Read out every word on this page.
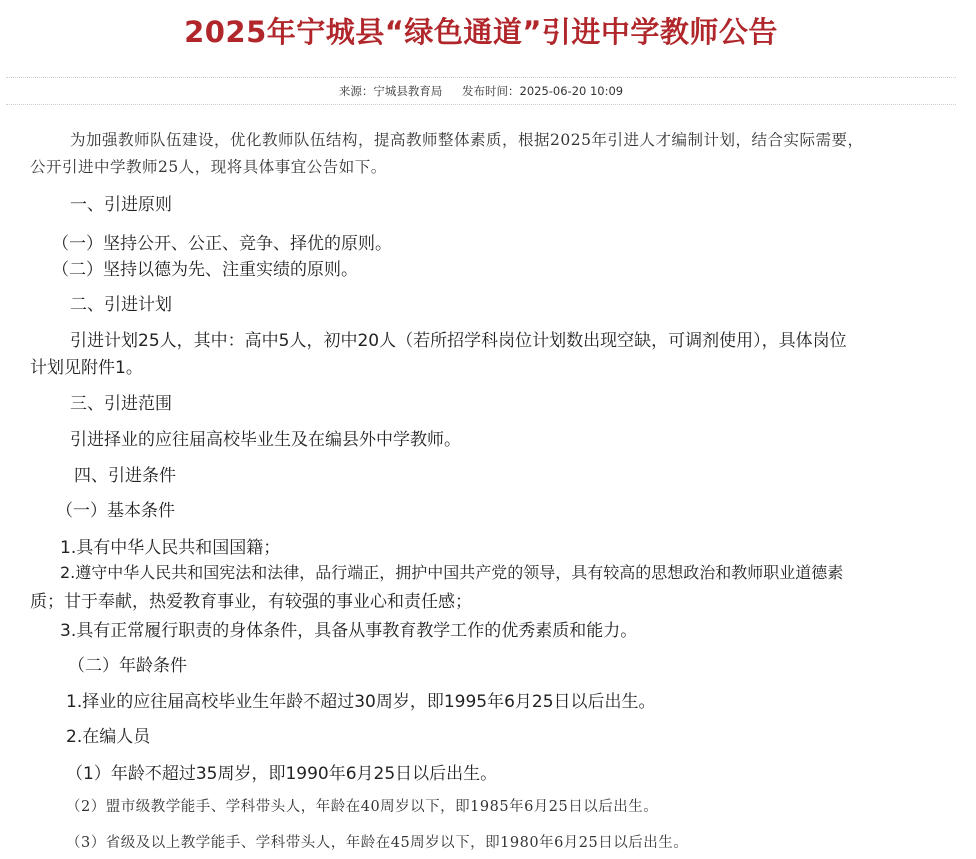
2025年宁城县“绿色通道”引进中学教师公告
来源：宁城县教育局 发布时间：2025-06-20 10:09

为加强教师队伍建设，优化教师队伍结构，提高教师整体素质，根据2025年引进人才编制计划，结合实际需要，

公开引进中学教师25人，现将具体事宜公告如下。

一、引进原则

（一）坚持公开、公正、竞争、择优的原则。

（二）坚持以德为先、注重实绩的原则。

二、引进计划

引进计划25人，其中：高中5人，初中20人（若所招学科岗位计划数出现空缺，可调剂使用），具体岗位

计划见附件1。

三、引进范围

引进择业的应往届高校毕业生及在编县外中学教师。

四、引进条件

（一）基本条件

1.具有中华人民共和国国籍；

2.遵守中华人民共和国宪法和法律，品行端正，拥护中国共产党的领导，具有较高的思想政治和教师职业道德素

质；甘于奉献，热爱教育事业，有较强的事业心和责任感；

3.具有正常履行职责的身体条件，具备从事教育教学工作的优秀素质和能力。

（二）年龄条件

1.择业的应往届高校毕业生年龄不超过30周岁，即1995年6月25日以后出生。

2.在编人员

（1）年龄不超过35周岁，即1990年6月25日以后出生。

（2）盟市级教学能手、学科带头人，年龄在40周岁以下，即1985年6月25日以后出生。

（3）省级及以上教学能手、学科带头人，年龄在45周岁以下，即1980年6月25日以后出生。
